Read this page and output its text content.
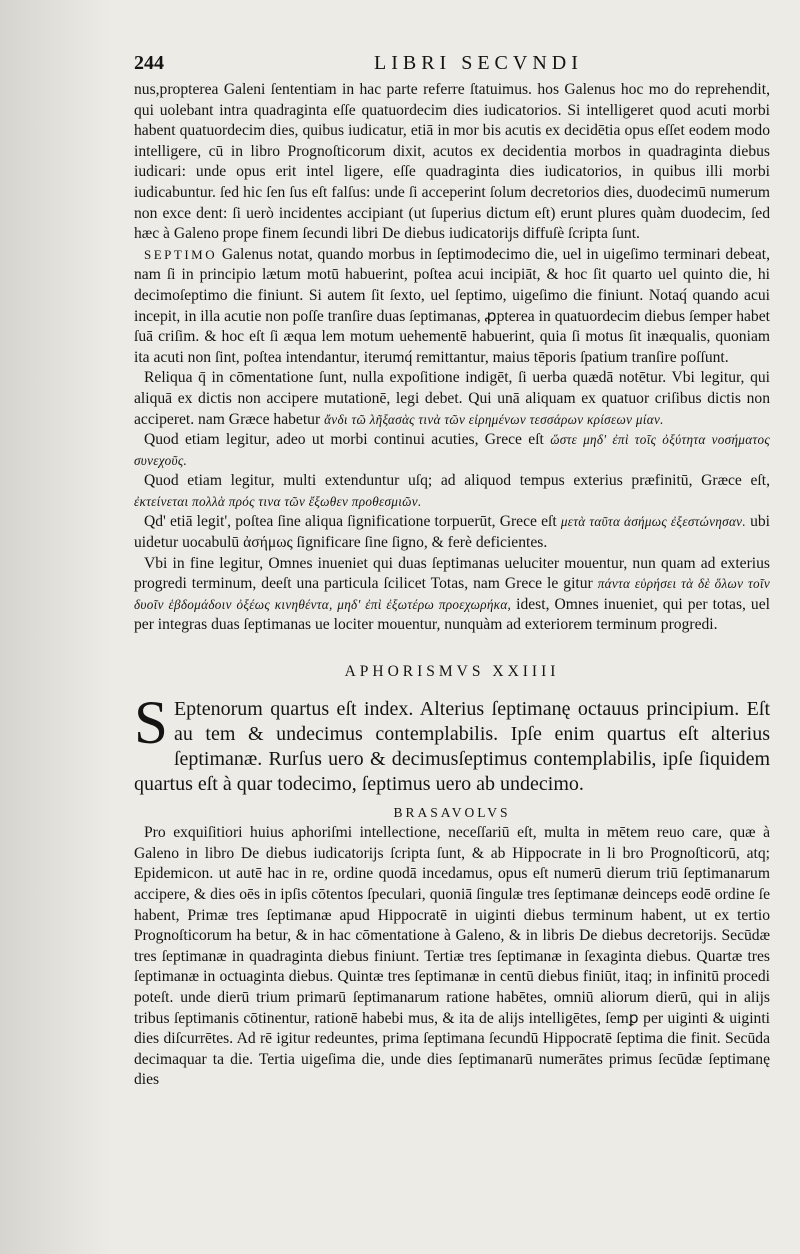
244	LIBRI SECVNDI

nus,propterea Galeni ſententiam in hac parte referre ſtatuimus. hos Galenus hoc mo do reprehendit, qui uolebant intra quadraginta eſſe quatuordecim dies iudicatorios. Si intelligeret quod acuti morbi habent quatuordecim dies, quibus iudicatur, etiā in mor bis acutis ex decidētia opus eſſet eodem modo intelligere, cū in libro Prognoſticorum dixit, acutos ex decidentia morbos in quadraginta diebus iudicari: unde opus erit intel ligere, eſſe quadraginta dies iudicatorios, in quibus illi morbi iudicabuntur. ſed hic ſen ſus eſt falſus: unde ſi acceperint ſolum decretorios dies, duodecimū numerum non exce dent: ſi uerò incidentes accipiant (ut ſuperius dictum eſt) erunt plures quàm duodecim, ſed hæc à Galeno prope finem ſecundi libri De diebus iudicatorijs diffuſè ſcripta ſunt.

SEPTIMO Galenus notat, quando morbus in ſeptimodecimo die, uel in uigeſimo terminari debeat, nam ſi in principio lætum motū habuerint, poſtea acui incipiāt, & hoc ſit quarto uel quinto die, hi decimoſeptimo die finiunt. Si autem ſit ſexto, uel ſeptimo, uigeſimo die finiunt. Notaq́ quando acui incepit, in illa acutie non poſſe tranſire duas ſeptimanas, ꝓpterea in quatuordecim diebus ſemper habet ſuā criſim. & hoc eſt ſi æqua lem motum uehementē habuerint, quia ſi motus ſit inæqualis, quoniam ita acuti non ſint, poſtea intendantur, iterumq́ remittantur, maius tēporis ſpatium tranſire poſſunt.

Reliqua q̄ in cōmentatione ſunt, nulla expoſitione indigēt, ſi uerba quædā notētur. Vbi legitur, qui aliquā ex dictis non accipere mutationē, legi debet. Qui unā aliquam ex quatuor criſibus dictis non acciperet. nam Græce habetur ἄνδι τῶ λῆξασὰς τινὰ τῶν εἰρημένων τεσσάρων κρίσεων μίαν.

Quod etiam legitur, adeo ut morbi continui acuties, Grece eſt ὥστε μηδ' ἐπὶ τοῖς ὀξύτητα νοσήματος συνεχοῦς.

Quod etiam legitur, multi extenduntur uſq; ad aliquod tempus exterius præfinitū, Græce eſt, ἐκτείνεται πολλὰ πρός τινα τῶν ἔξωθεν προθεσμιῶν.

Qd' etiā legit', poſtea ſine aliqua ſignificatione torpuerūt, Grece eſt μετὰ ταῦτα ἀσήμως ἐξεστώνησαν. ubi uidetur uocabulū ἀσήμως ſignificare ſine ſigno, & ferè deficientes.

Vbi in fine legitur, Omnes inueniet qui duas ſeptimanas ueluciter mouentur, nun quam ad exterius progredi terminum, deeſt una particula ſcilicet Totas, nam Grece le gitur πάντα εὑρήσει τὰ δὲ ὅλων τοῖν δυοῖν ἑβδομάδοιν ὀξέως κινηθέντα, μηδ' ἐπὶ ἐξωτέρω προεχωρήκα, idest, Omnes inueniet, qui per totas, uel per integras duas ſeptimanas ue lociter mouentur, nunquàm ad exteriorem terminum progredi.

APHORISMVS XXIIII

S Eptenorum quartus eſt index. Alterius ſeptimanę octauus principium. Eſt au tem & undecimus contemplabilis. Ipſe enim quartus eſt alterius ſeptimanæ. Rurſus uero & decimusſeptimus contemplabilis, ipſe ſiquidem quartus eſt à quar todecimo, ſeptimus uero ab undecimo.

BRASAVOLVS

Pro exquiſitiori huius aphoriſmi intellectione, neceſſariū eſt, multa in mētem reuo care, quæ à Galeno in libro De diebus iudicatorijs ſcripta ſunt, & ab Hippocrate in li bro Prognoſticorū, atq; Epidemicon. ut autē hac in re, ordine quodā incedamus, opus eſt numerū dierum triū ſeptimanarum accipere, & dies oēs in ipſis cōtentos ſpeculari, quoniā ſingulæ tres ſeptimanæ deinceps eodē ordine ſe habent, Primæ tres ſeptimanæ apud Hippocratē in uiginti diebus terminum habent, ut ex tertio Prognoſticorum ha betur, & in hac cōmentatione à Galeno, & in libris De diebus decretorijs. Secūdæ tres ſeptimanæ in quadraginta diebus finiunt. Tertiæ tres ſeptimanæ in ſexaginta diebus. Quartæ tres ſeptimanæ in octuaginta diebus. Quintæ tres ſeptimanæ in centū diebus finiūt, itaq; in infinitū procedi poteſt. unde dierū trium primarū ſeptimanarum ratione habētes, omniū aliorum dierū, qui in alijs tribus ſeptimanis cōtinentur, rationē habebi mus, & ita de alijs intelligētes, ſemꝑ per uiginti & uiginti dies diſcurrētes. Ad rē igitur redeuntes, prima ſeptimana ſecundū Hippocratē ſeptima die finit. Secūda decimaquar ta die. Tertia uigeſima die, unde dies ſeptimanarū numerātes primus ſecūdæ ſeptimanę dies
